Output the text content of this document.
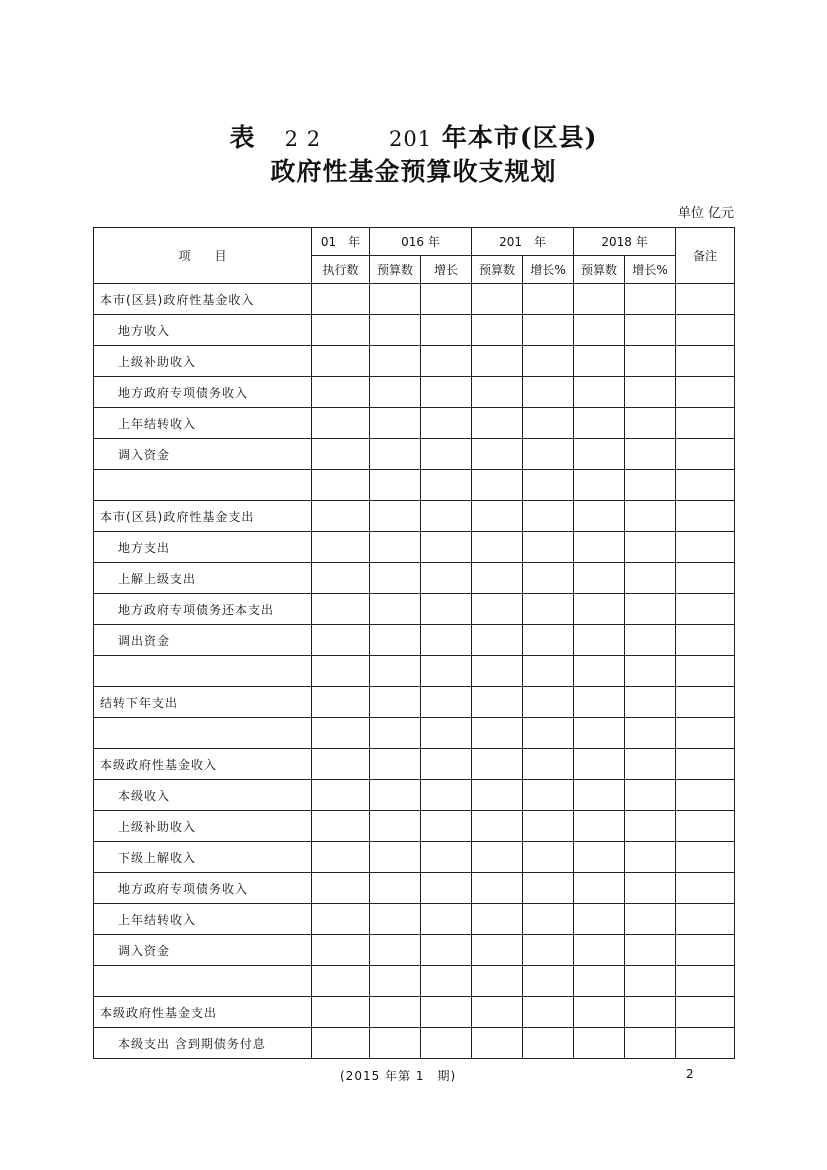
表 2 2	201 年本市(区县)
政府性基金预算收支规划
单位 亿元
项　　目	01　年	016 年		201　年		2018 年		备注
	执行数	预算数	增长	预算数	增长%	预算数	增长%	
本市(区县)政府性基金收入								
地方收入								
上级补助收入								
地方政府专项债务收入								
上年结转收入								
调入资金								

本市(区县)政府性基金支出								
地方支出								
上解上级支出								
地方政府专项债务还本支出								
调出资金								

结转下年支出								

本级政府性基金收入								
本级收入								
上级补助收入								
下级上解收入								
地方政府专项债务收入								
上年结转收入								
调入资金								

本级政府性基金支出								
本级支出 含到期债务付息								
(2015 年第 1　期)	2
